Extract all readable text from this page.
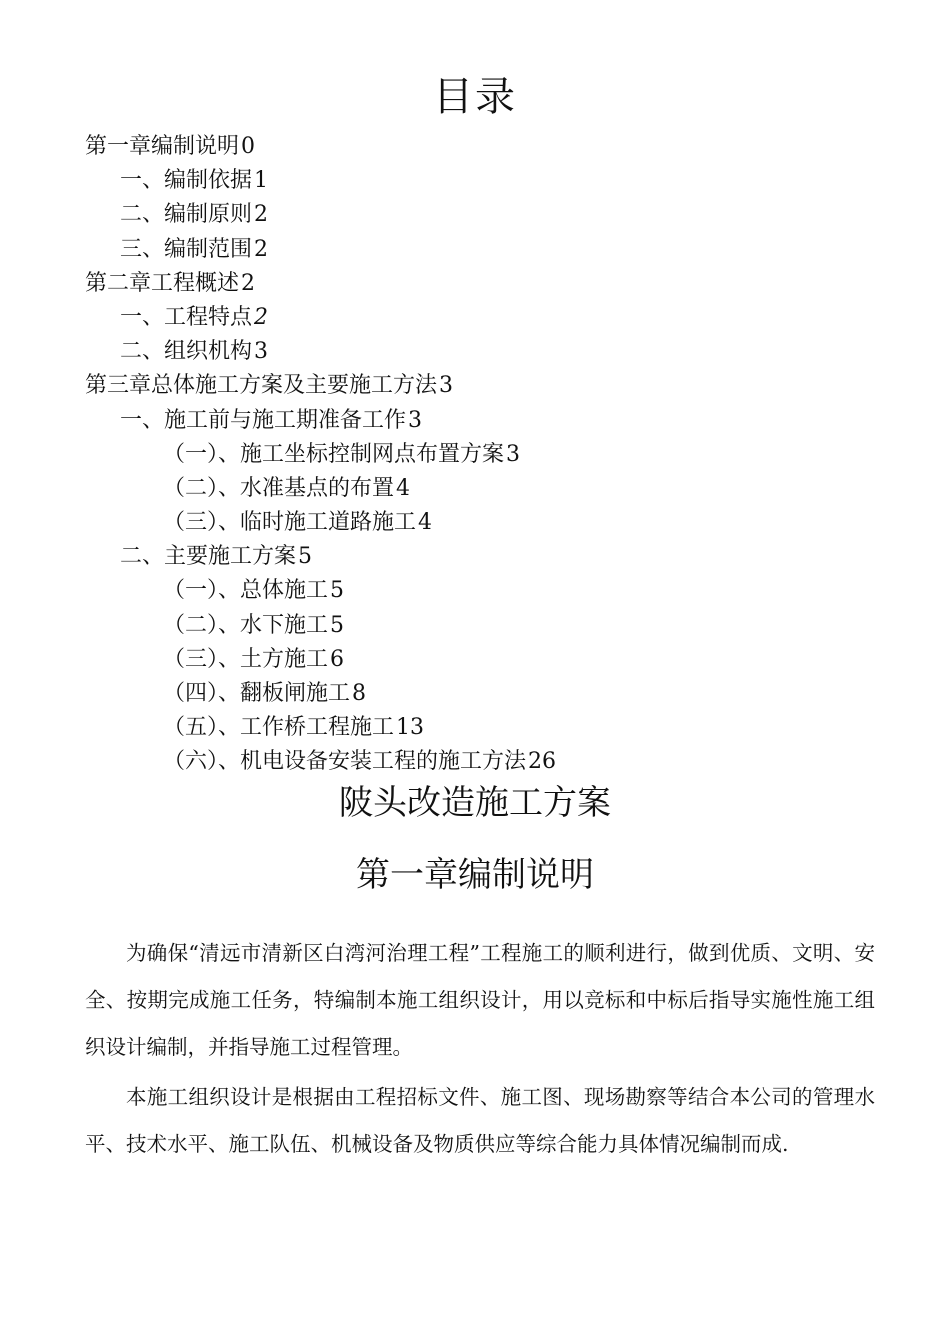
目录
第一章编制说明0
一、编制依据1
二、编制原则2
三、编制范围2
第二章工程概述2
一、工程特点2
二、组织机构3
第三章总体施工方案及主要施工方法3
一、施工前与施工期准备工作3
（一）、施工坐标控制网点布置方案3
（二）、水准基点的布置4
（三）、临时施工道路施工4
二、主要施工方案5
（一）、总体施工5
（二）、水下施工5
（三）、土方施工6
（四）、翻板闸施工8
（五）、工作桥工程施工13
（六）、机电设备安装工程的施工方法26
陂头改造施工方案
第一章编制说明

为确保“清远市清新区白湾河治理工程”工程施工的顺利进行，做到优质、文明、安全、按期完成施工任务，特编制本施工组织设计，用以竞标和中标后指导实施性施工组织设计编制，并指导施工过程管理。

本施工组织设计是根据由工程招标文件、施工图、现场勘察等结合本公司的管理水平、技术水平、施工队伍、机械设备及物质供应等综合能力具体情况编制而成.
